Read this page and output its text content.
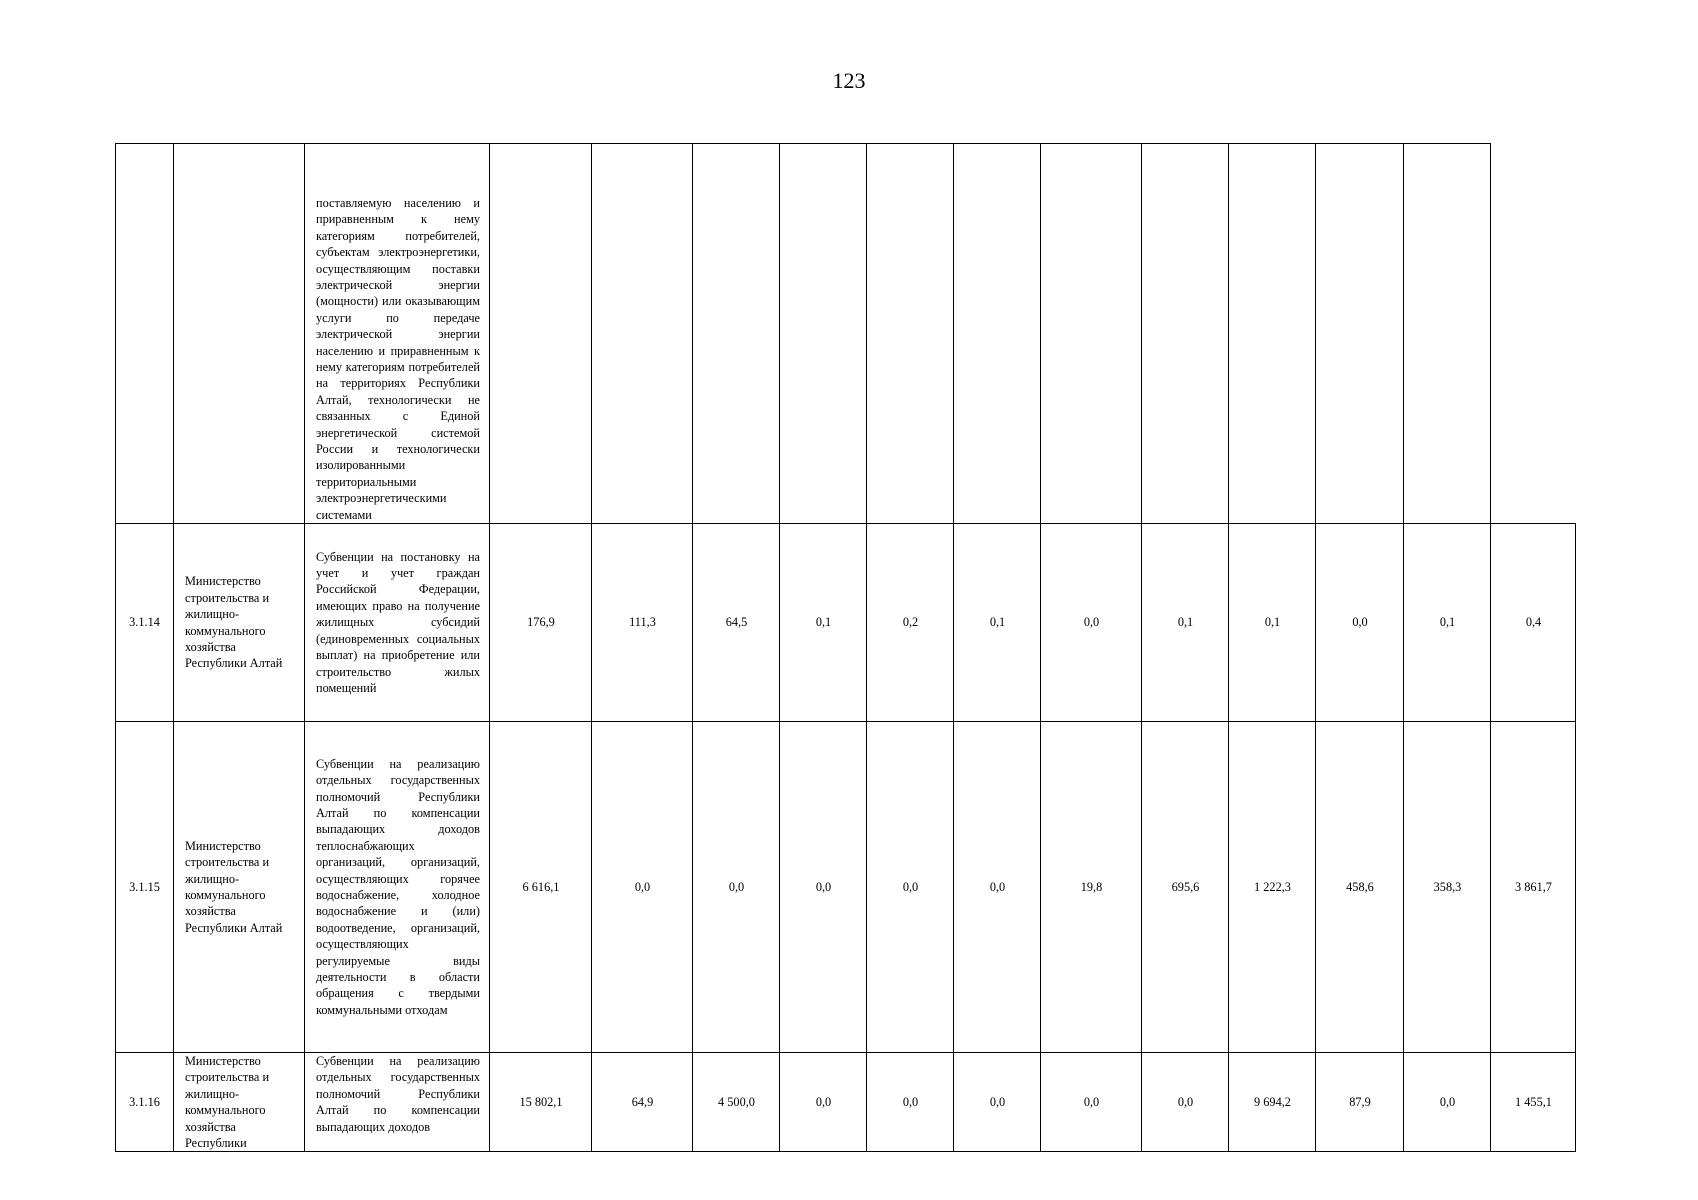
123
		поставляемую населению и приравненным к нему категориям потребителей, субъектам электроэнергетики, осуществляющим поставки электрической энергии (мощности) или оказывающим услуги по передаче электрической энергии населению и приравненным к нему категориям потребителей на территориях Республики Алтай, технологически не связанных с Единой энергетической системой России и технологически изолированными территориальными электроэнергетическими системами												
3.1.14	Министерство строительства и жилищно-коммунального хозяйства Республики Алтай	Субвенции на постановку на учет и учет граждан Российской Федерации, имеющих право на получение жилищных субсидий (единовременных социальных выплат) на приобретение или строительство жилых помещений	176,9	111,3	64,5	0,1	0,2	0,1	0,0	0,1	0,1	0,0	0,1	0,4
3.1.15	Министерство строительства и жилищно-коммунального хозяйства Республики Алтай	Субвенции на реализацию отдельных государственных полномочий Республики Алтай по компенсации выпадающих доходов теплоснабжающих организаций, организаций, осуществляющих горячее водоснабжение, холодное водоснабжение и (или) водоотведение, организаций, осуществляющих регулируемые виды деятельности в области обращения с твердыми коммунальными отходам	6 616,1	0,0	0,0	0,0	0,0	0,0	19,8	695,6	1 222,3	458,6	358,3	3 861,7
3.1.16	Министерство строительства и жилищно-коммунального хозяйства Республики	Субвенции на реализацию отдельных государственных полномочий Республики Алтай по компенсации выпадающих доходов	15 802,1	64,9	4 500,0	0,0	0,0	0,0	0,0	0,0	9 694,2	87,9	0,0	1 455,1
